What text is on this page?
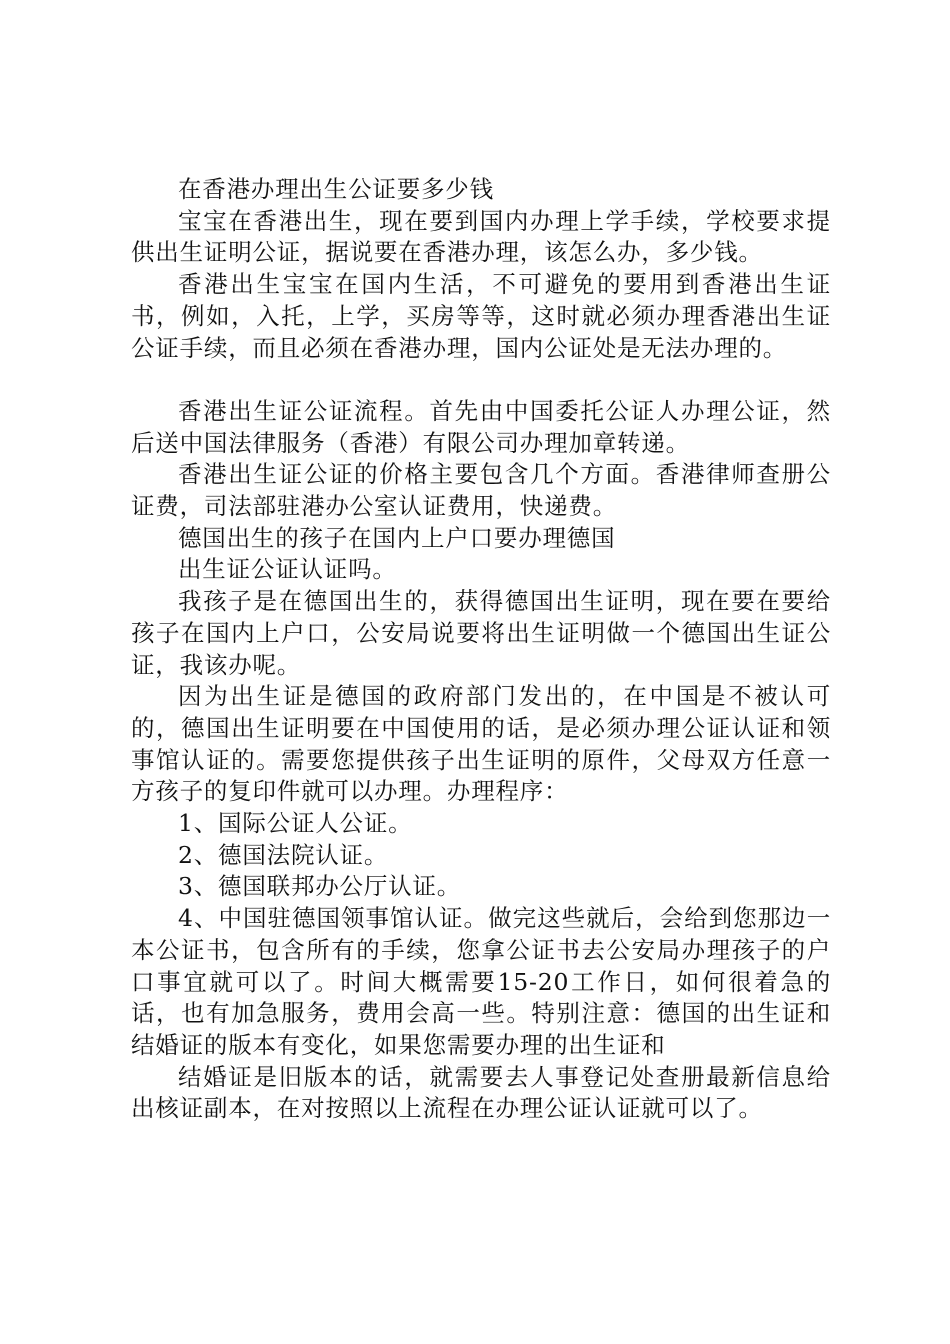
在香港办理出生公证要多少钱

宝宝在香港出生，现在要到国内办理上学手续，学校要求提供出生证明公证，据说要在香港办理，该怎么办，多少钱。

香港出生宝宝在国内生活，不可避免的要用到香港出生证书，例如，入托，上学，买房等等，这时就必须办理香港出生证公证手续，而且必须在香港办理，国内公证处是无法办理的。

香港出生证公证流程。首先由中国委托公证人办理公证，然后送中国法律服务（香港）有限公司办理加章转递。

香港出生证公证的价格主要包含几个方面。香港律师查册公证费，司法部驻港办公室认证费用，快递费。

德国出生的孩子在国内上户口要办理德国

出生证公证认证吗。

我孩子是在德国出生的，获得德国出生证明，现在要在要给孩子在国内上户口，公安局说要将出生证明做一个德国出生证公证，我该办呢。

因为出生证是德国的政府部门发出的，在中国是不被认可的，德国出生证明要在中国使用的话，是必须办理公证认证和领事馆认证的。需要您提供孩子出生证明的原件，父母双方任意一方孩子的复印件就可以办理。办理程序：

1、国际公证人公证。

2、德国法院认证。

3、德国联邦办公厅认证。

4、中国驻德国领事馆认证。做完这些就后，会给到您那边一本公证书，包含所有的手续，您拿公证书去公安局办理孩子的户口事宜就可以了。时间大概需要15-20工作日，如何很着急的话，也有加急服务，费用会高一些。特别注意：德国的出生证和结婚证的版本有变化，如果您需要办理的出生证和

结婚证是旧版本的话，就需要去人事登记处查册最新信息给出核证副本，在对按照以上流程在办理公证认证就可以了。
